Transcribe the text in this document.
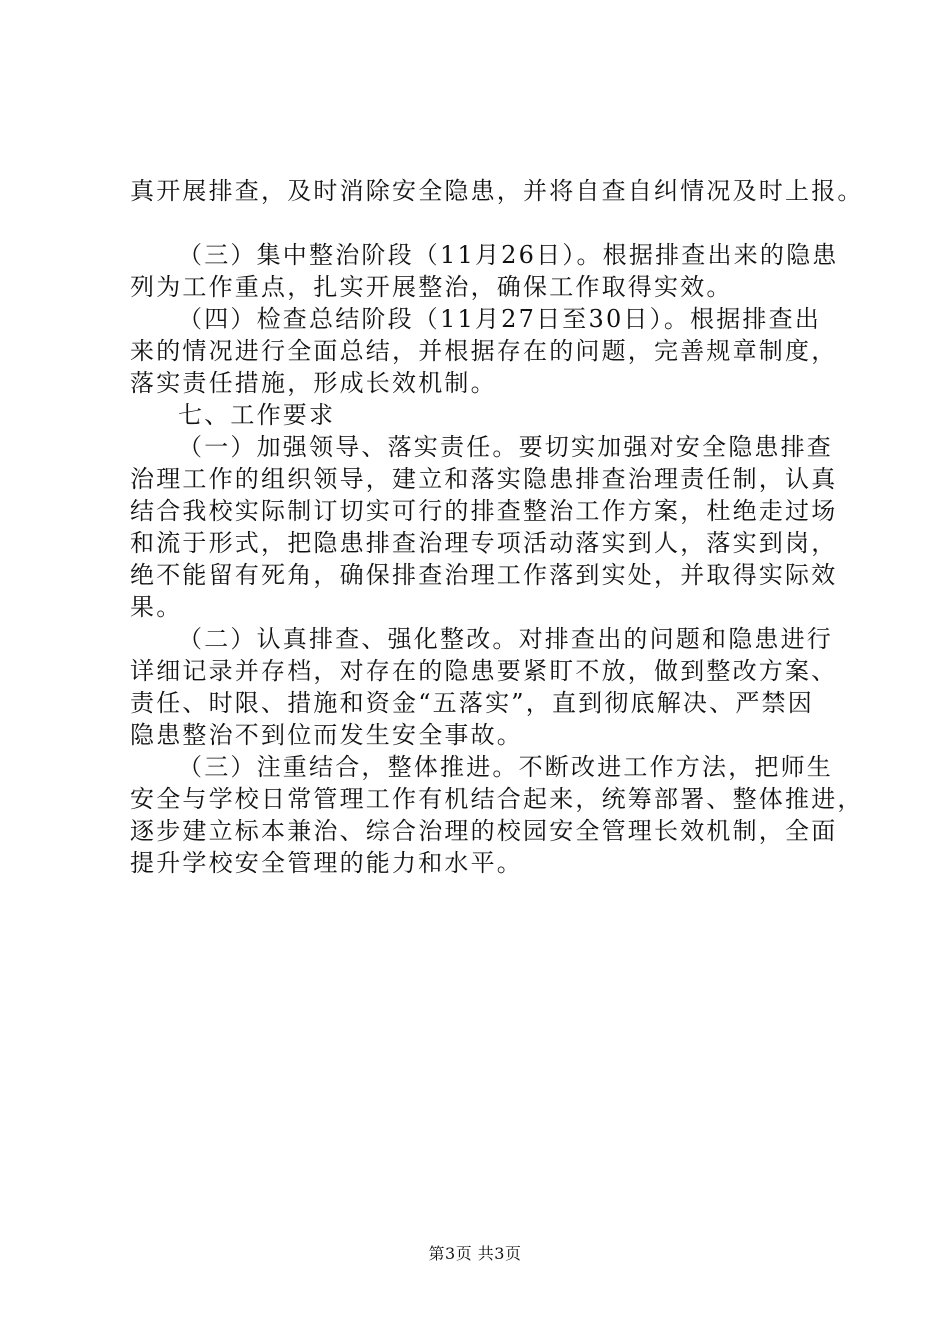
真开展排查，及时消除安全隐患，并将自查自纠情况及时上报。
（三）集中整治阶段（11月26日）。根据排查出来的隐患
列为工作重点，扎实开展整治，确保工作取得实效。
（四）检查总结阶段（11月27日至30日）。根据排查出
来的情况进行全面总结，并根据存在的问题，完善规章制度，
落实责任措施，形成长效机制。
七、工作要求
（一）加强领导、落实责任。要切实加强对安全隐患排查
治理工作的组织领导，建立和落实隐患排查治理责任制，认真
结合我校实际制订切实可行的排查整治工作方案，杜绝走过场
和流于形式，把隐患排查治理专项活动落实到人，落实到岗，
绝不能留有死角，确保排查治理工作落到实处，并取得实际效
果。
（二）认真排查、强化整改。对排查出的问题和隐患进行
详细记录并存档，对存在的隐患要紧盯不放，做到整改方案、
责任、时限、措施和资金“五落实”，直到彻底解决、严禁因
隐患整治不到位而发生安全事故。
（三）注重结合，整体推进。不断改进工作方法，把师生
安全与学校日常管理工作有机结合起来，统筹部署、整体推进，
逐步建立标本兼治、综合治理的校园安全管理长效机制，全面
提升学校安全管理的能力和水平。
第3页 共3页
